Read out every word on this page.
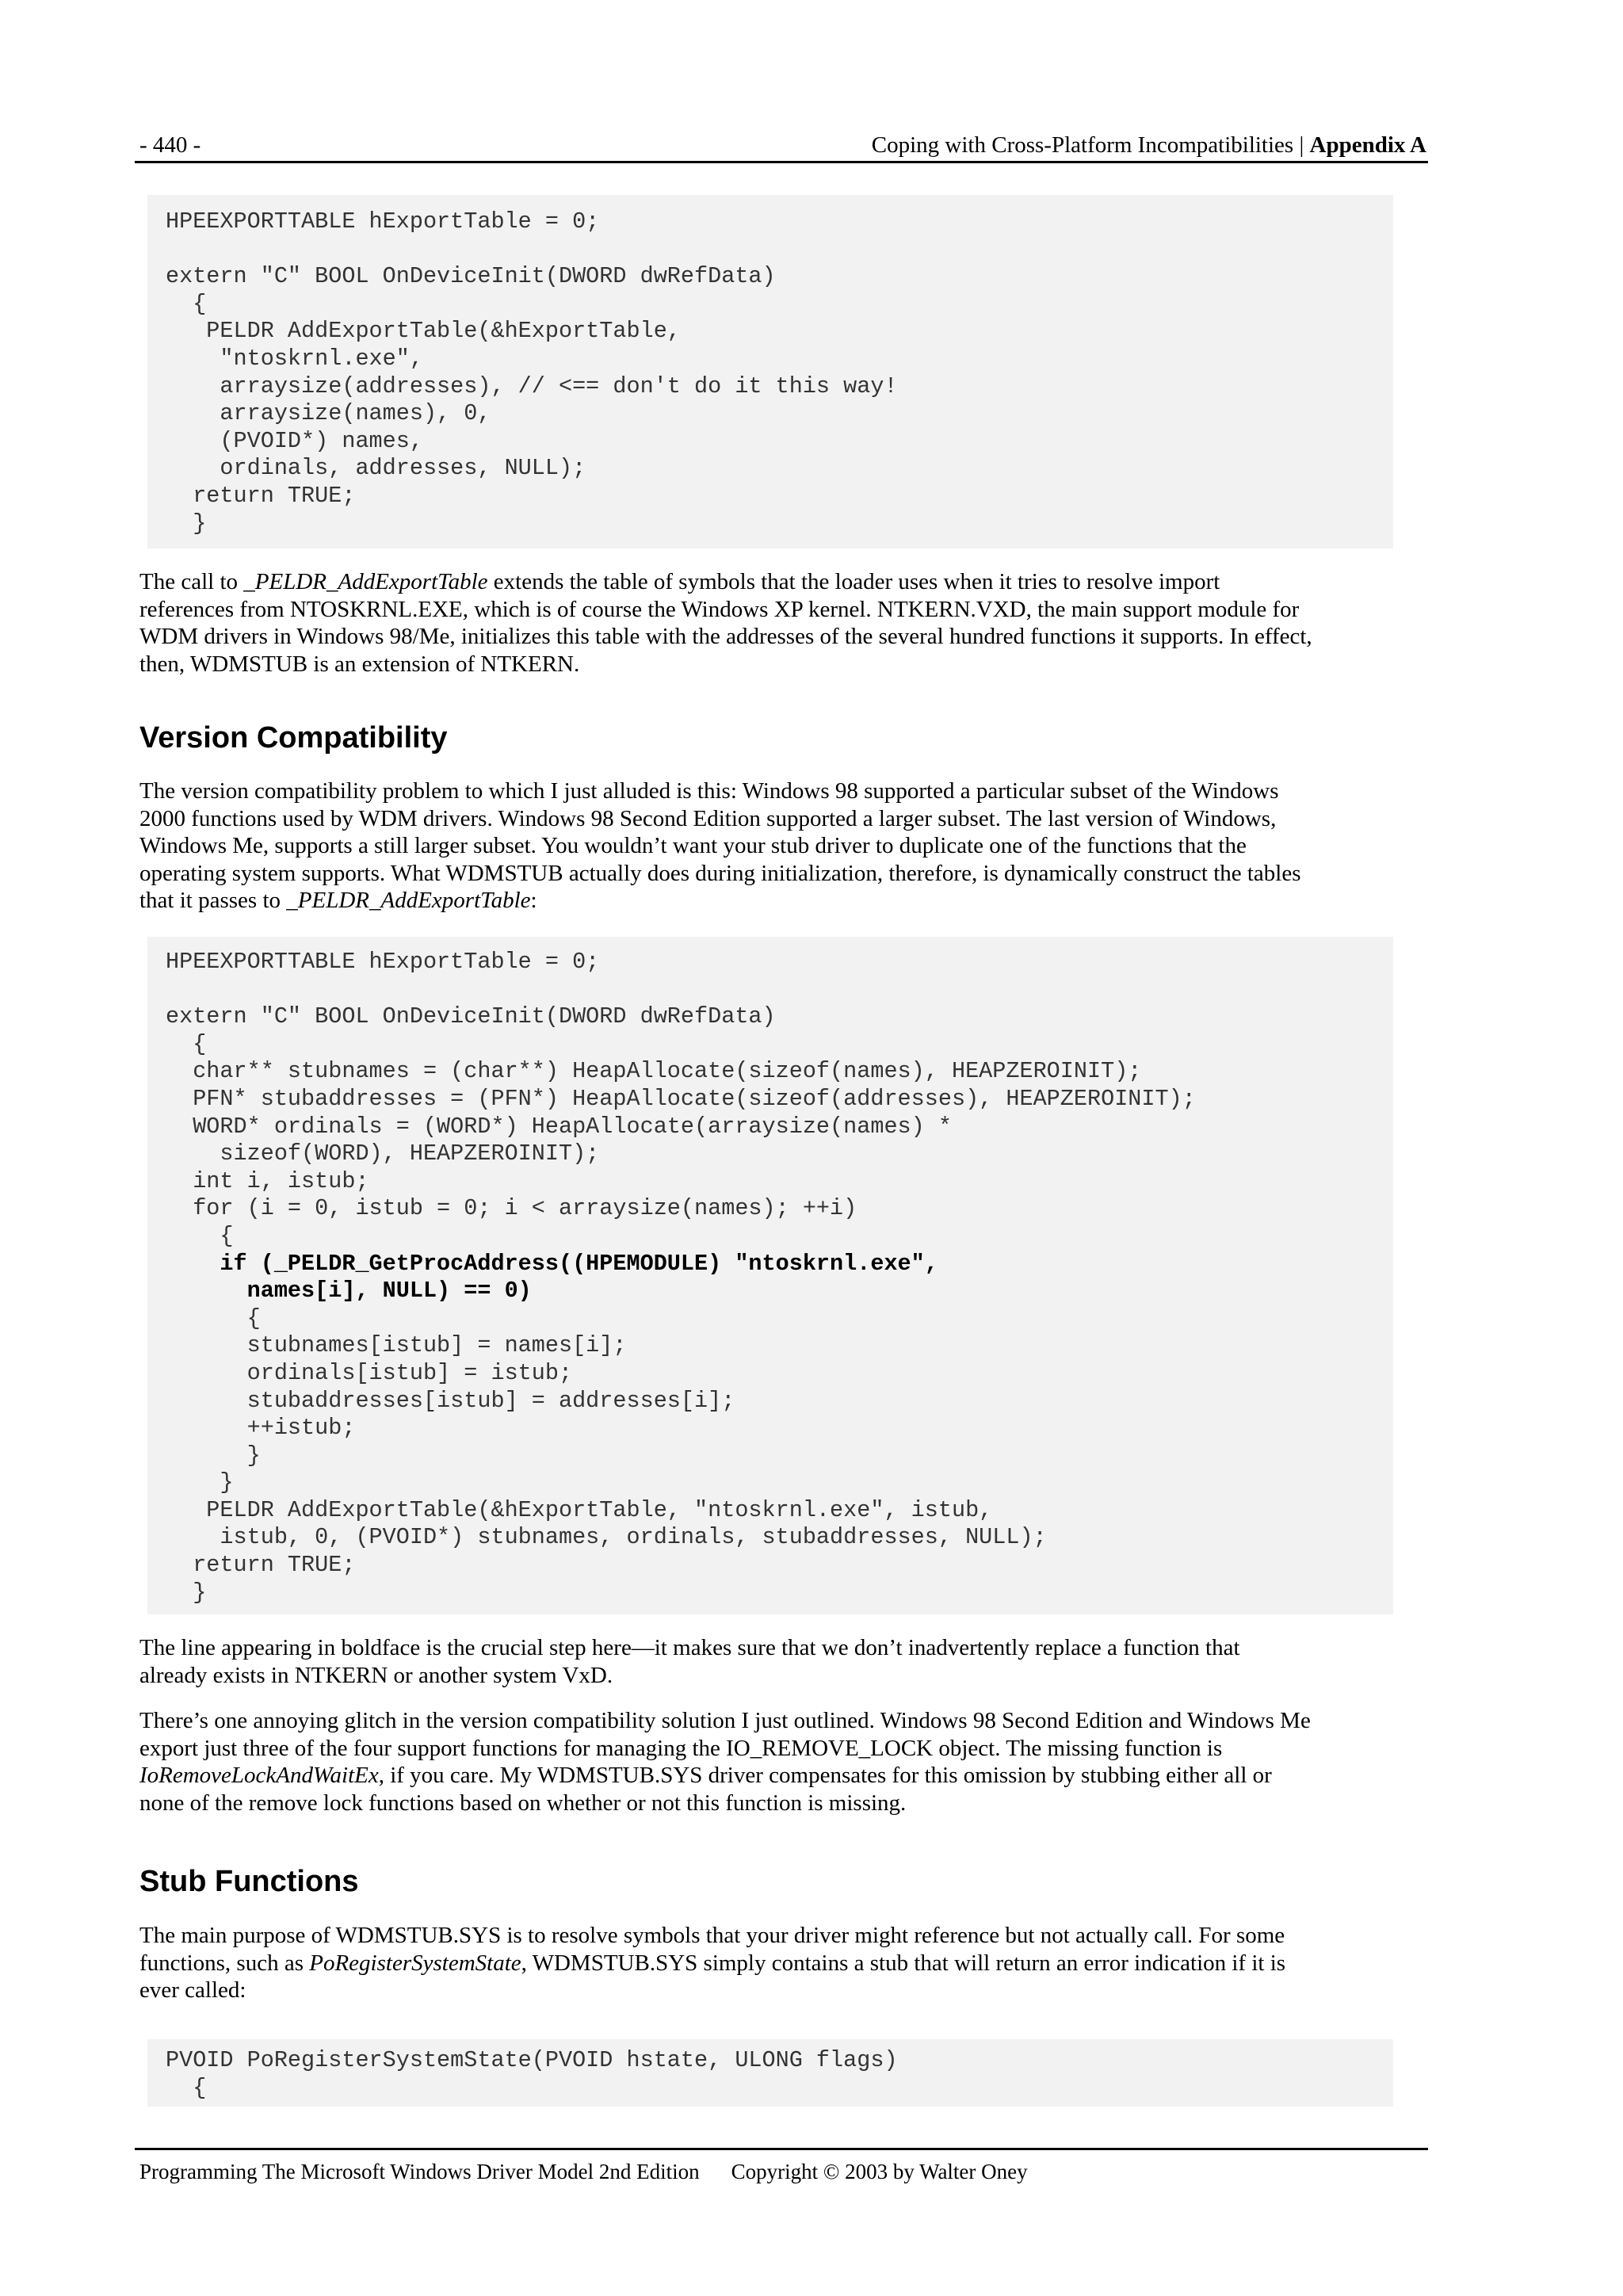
- 440 -	Coping with Cross-Platform Incompatibilities | Appendix A
HPEEXPORTTABLE hExportTable = 0;
extern "C" BOOL OnDeviceInit(DWORD dwRefData)
{
PELDR AddExportTable(&hExportTable,
"ntoskrnl.exe",
arraysize(addresses), // <== don't do it this way!
arraysize(names), 0,
(PVOID*) names,
ordinals, addresses, NULL);
return TRUE;
}
The call to _PELDR_AddExportTable extends the table of symbols that the loader uses when it tries to resolve import
references from NTOSKRNL.EXE, which is of course the Windows XP kernel. NTKERN.VXD, the main support module for
WDM drivers in Windows 98/Me, initializes this table with the addresses of the several hundred functions it supports. In effect,
then, WDMSTUB is an extension of NTKERN.
Version Compatibility
The version compatibility problem to which I just alluded is this: Windows 98 supported a particular subset of the Windows
2000 functions used by WDM drivers. Windows 98 Second Edition supported a larger subset. The last version of Windows,
Windows Me, supports a still larger subset. You wouldn’t want your stub driver to duplicate one of the functions that the
operating system supports. What WDMSTUB actually does during initialization, therefore, is dynamically construct the tables
that it passes to _PELDR_AddExportTable:
HPEEXPORTTABLE hExportTable = 0;
extern "C" BOOL OnDeviceInit(DWORD dwRefData)
{
char** stubnames = (char**) HeapAllocate(sizeof(names), HEAPZEROINIT);
PFN* stubaddresses = (PFN*) HeapAllocate(sizeof(addresses), HEAPZEROINIT);
WORD* ordinals = (WORD*) HeapAllocate(arraysize(names) *
sizeof(WORD), HEAPZEROINIT);
int i, istub;
for (i = 0, istub = 0; i < arraysize(names); ++i)
{
if (_PELDR_GetProcAddress((HPEMODULE) "ntoskrnl.exe",
names[i], NULL) == 0)
{
stubnames[istub] = names[i];
ordinals[istub] = istub;
stubaddresses[istub] = addresses[i];
++istub;
}
}
PELDR AddExportTable(&hExportTable, "ntoskrnl.exe", istub,
istub, 0, (PVOID*) stubnames, ordinals, stubaddresses, NULL);
return TRUE;
}
The line appearing in boldface is the crucial step here—it makes sure that we don’t inadvertently replace a function that
already exists in NTKERN or another system VxD.
There’s one annoying glitch in the version compatibility solution I just outlined. Windows 98 Second Edition and Windows Me
export just three of the four support functions for managing the IO_REMOVE_LOCK object. The missing function is
IoRemoveLockAndWaitEx, if you care. My WDMSTUB.SYS driver compensates for this omission by stubbing either all or
none of the remove lock functions based on whether or not this function is missing.
Stub Functions
The main purpose of WDMSTUB.SYS is to resolve symbols that your driver might reference but not actually call. For some
functions, such as PoRegisterSystemState, WDMSTUB.SYS simply contains a stub that will return an error indication if it is
ever called:
PVOID PoRegisterSystemState(PVOID hstate, ULONG flags)
{
Programming The Microsoft Windows Driver Model 2nd Edition Copyright © 2003 by Walter Oney
